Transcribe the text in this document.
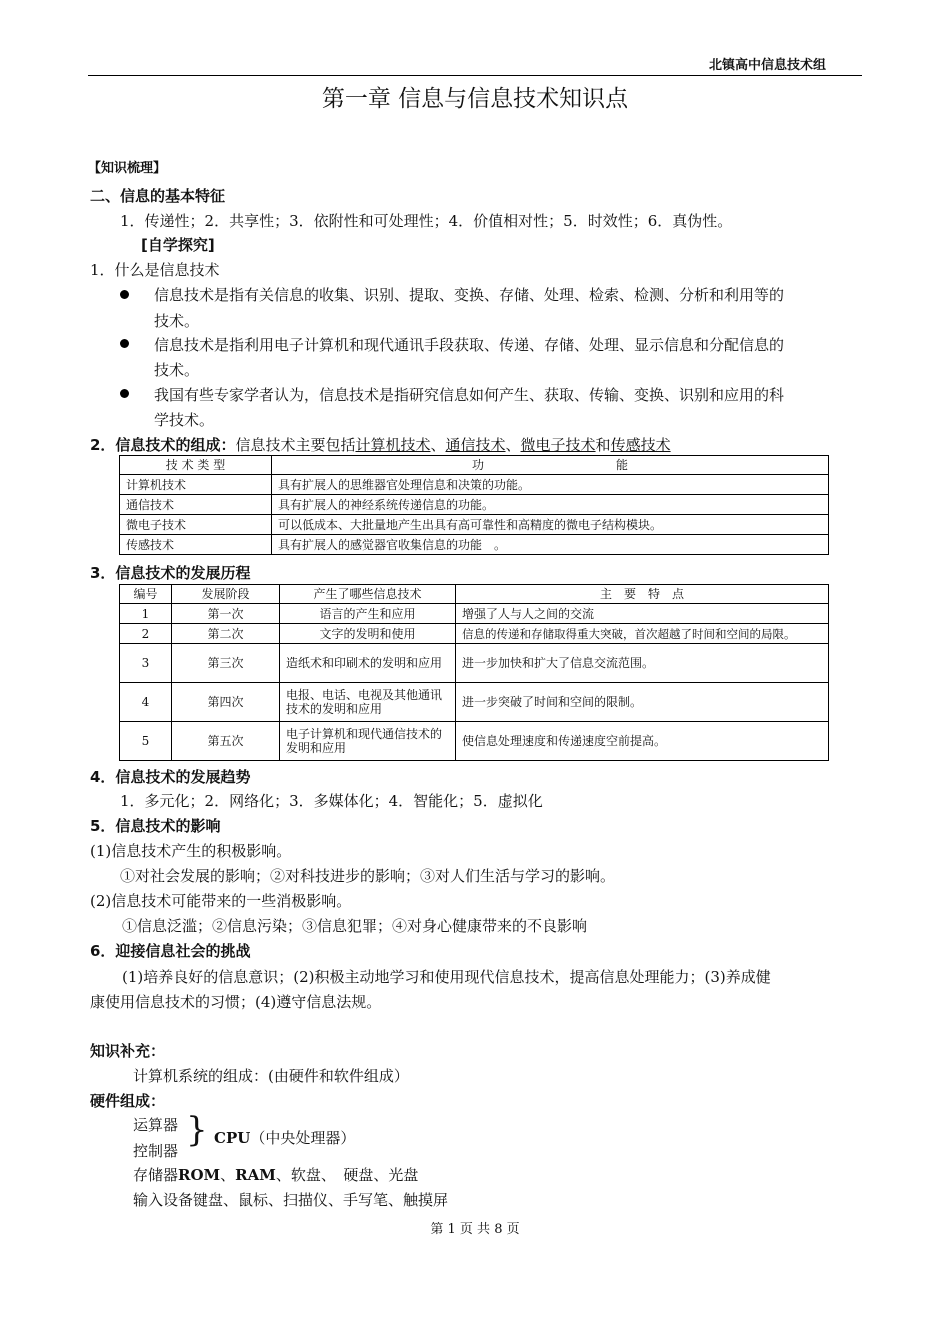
北镇高中信息技术组
第一章 信息与信息技术知识点
【知识梳理】
二、信息的基本特征
1．传递性；2．共享性；3．依附性和可处理性；4．价值相对性；5．时效性；6．真伪性。
[自学探究]
1．什么是信息技术
信息技术是指有关信息的收集、识别、提取、变换、存储、处理、检索、检测、分析和利用等的
技术。
信息技术是指利用电子计算机和现代通讯手段获取、传递、存储、处理、显示信息和分配信息的
技术。
我国有些专家学者认为，信息技术是指研究信息如何产生、获取、传输、变换、识别和应用的科
学技术。
2．信息技术的组成：信息技术主要包括计算机技术、通信技术、微电子技术和传感技术
技 术 类 型	功　　　　　　　　　　　能
计算机技术	具有扩展人的思维器官处理信息和决策的功能。
通信技术	具有扩展人的神经系统传递信息的功能。
微电子技术	可以低成本、大批量地产生出具有高可靠性和高精度的微电子结构模块。
传感技术	具有扩展人的感觉器官收集信息的功能　。
3．信息技术的发展历程
编号	发展阶段	产生了哪些信息技术	主　要　特　点
1	第一次	语言的产生和应用	增强了人与人之间的交流
2	第二次	文字的发明和使用	信息的传递和存储取得重大突破，首次超越了时间和空间的局限。
3	第三次	造纸术和印刷术的发明和应用	进一步加快和扩大了信息交流范围。
4	第四次	电报、电话、电视及其他通讯技术的发明和应用	进一步突破了时间和空间的限制。
5	第五次	电子计算机和现代通信技术的发明和应用	使信息处理速度和传递速度空前提高。
4．信息技术的发展趋势
1．多元化；2．网络化；3．多媒体化；4．智能化；5．虚拟化
5．信息技术的影响
(1)信息技术产生的积极影响。
①对社会发展的影响；②对科技进步的影响；③对人们生活与学习的影响。
(2)信息技术可能带来的一些消极影响。
①信息泛滥；②信息污染；③信息犯罪；④对身心健康带来的不良影响
6．迎接信息社会的挑战
(1)培养良好的信息意识；(2)积极主动地学习和使用现代信息技术，提高信息处理能力；(3)养成健
康使用信息技术的习惯；(4)遵守信息法规。
知识补充：
计算机系统的组成：(由硬件和软件组成）
硬件组成：
运算器
控制器
} CPU（中央处理器）
存储器ROM、RAM、软盘、　硬盘、光盘
输入设备键盘、鼠标、扫描仪、手写笔、触摸屏
第 1 页 共 8 页
